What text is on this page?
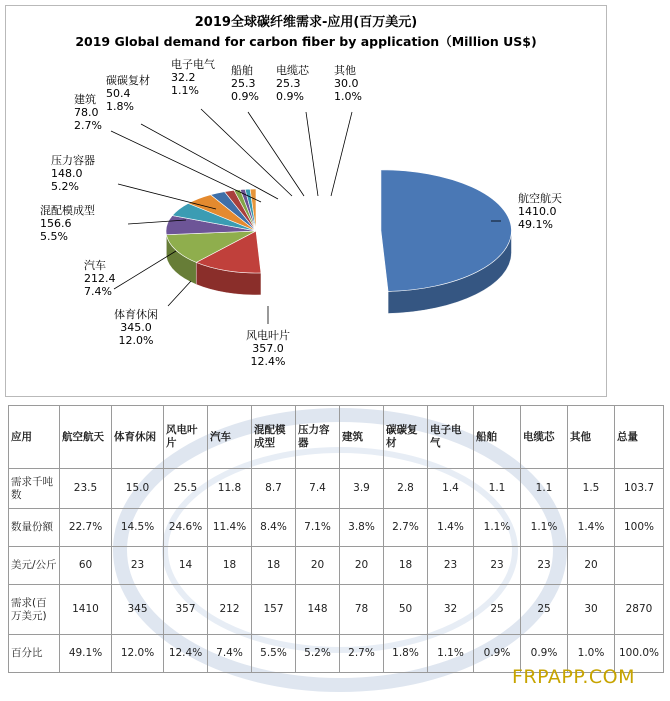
2019全球碳纤维需求-应用(百万美元)
2019 Global demand for carbon fiber by application（Million US$)
航空航天
1410.0
49.1%
风电叶片
357.0
12.4%
体育休闲
345.0
12.0%
汽车
212.4
7.4%
混配模成型
156.6
5.5%
压力容器
148.0
5.2%
建筑
78.0
2.7%
碳碳复材
50.4
1.8%
电子电气
32.2
1.1%
船舶
25.3
0.9%
电缆芯
25.3
0.9%
其他
30.0
1.0%
应用	航空航天	体育休闲	风电叶片	汽车	混配模成型	压力容器	建筑	碳碳复材	电子电气	船舶	电缆芯	其他	总量
需求千吨数	23.5	15.0	25.5	11.8	8.7	7.4	3.9	2.8	1.4	1.1	1.1	1.5	103.7
数量份额	22.7%	14.5%	24.6%	11.4%	8.4%	7.1%	3.8%	2.7%	1.4%	1.1%	1.1%	1.4%	100%
美元/公斤	60	23	14	18	18	20	20	18	23	23	23	20	
需求(百万美元)	1410	345	357	212	157	148	78	50	32	25	25	30	2870
百分比	49.1%	12.0%	12.4%	7.4%	5.5%	5.2%	2.7%	1.8%	1.1%	0.9%	0.9%	1.0%	100.0%
FRPAPP.COM
